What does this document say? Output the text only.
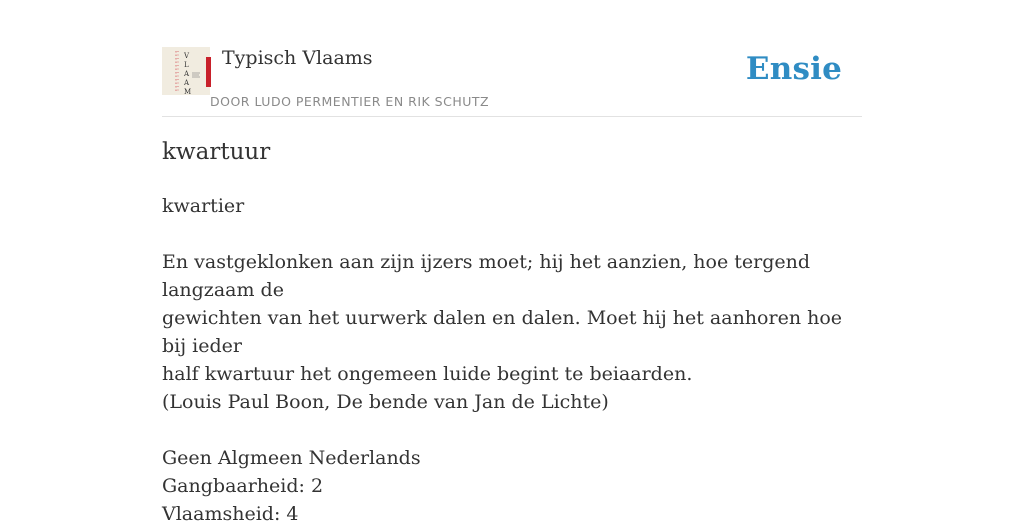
V
L
A
A
M
Typisch Vlaams
DOOR LUDO PERMENTIER EN RIK SCHUTZ
Ensie
kwartuur

kwartier

En vastgeklonken aan zijn ijzers moet; hij het aanzien, hoe tergend langzaam de

gewichten van het uurwerk dalen en dalen. Moet hij het aanhoren hoe bij ieder

half kwartuur het ongemeen luide begint te beiaarden.

(Louis Paul Boon, De bende van Jan de Lichte)

Geen Algmeen Nederlands

Gangbaarheid: 2

Vlaamsheid: 4
